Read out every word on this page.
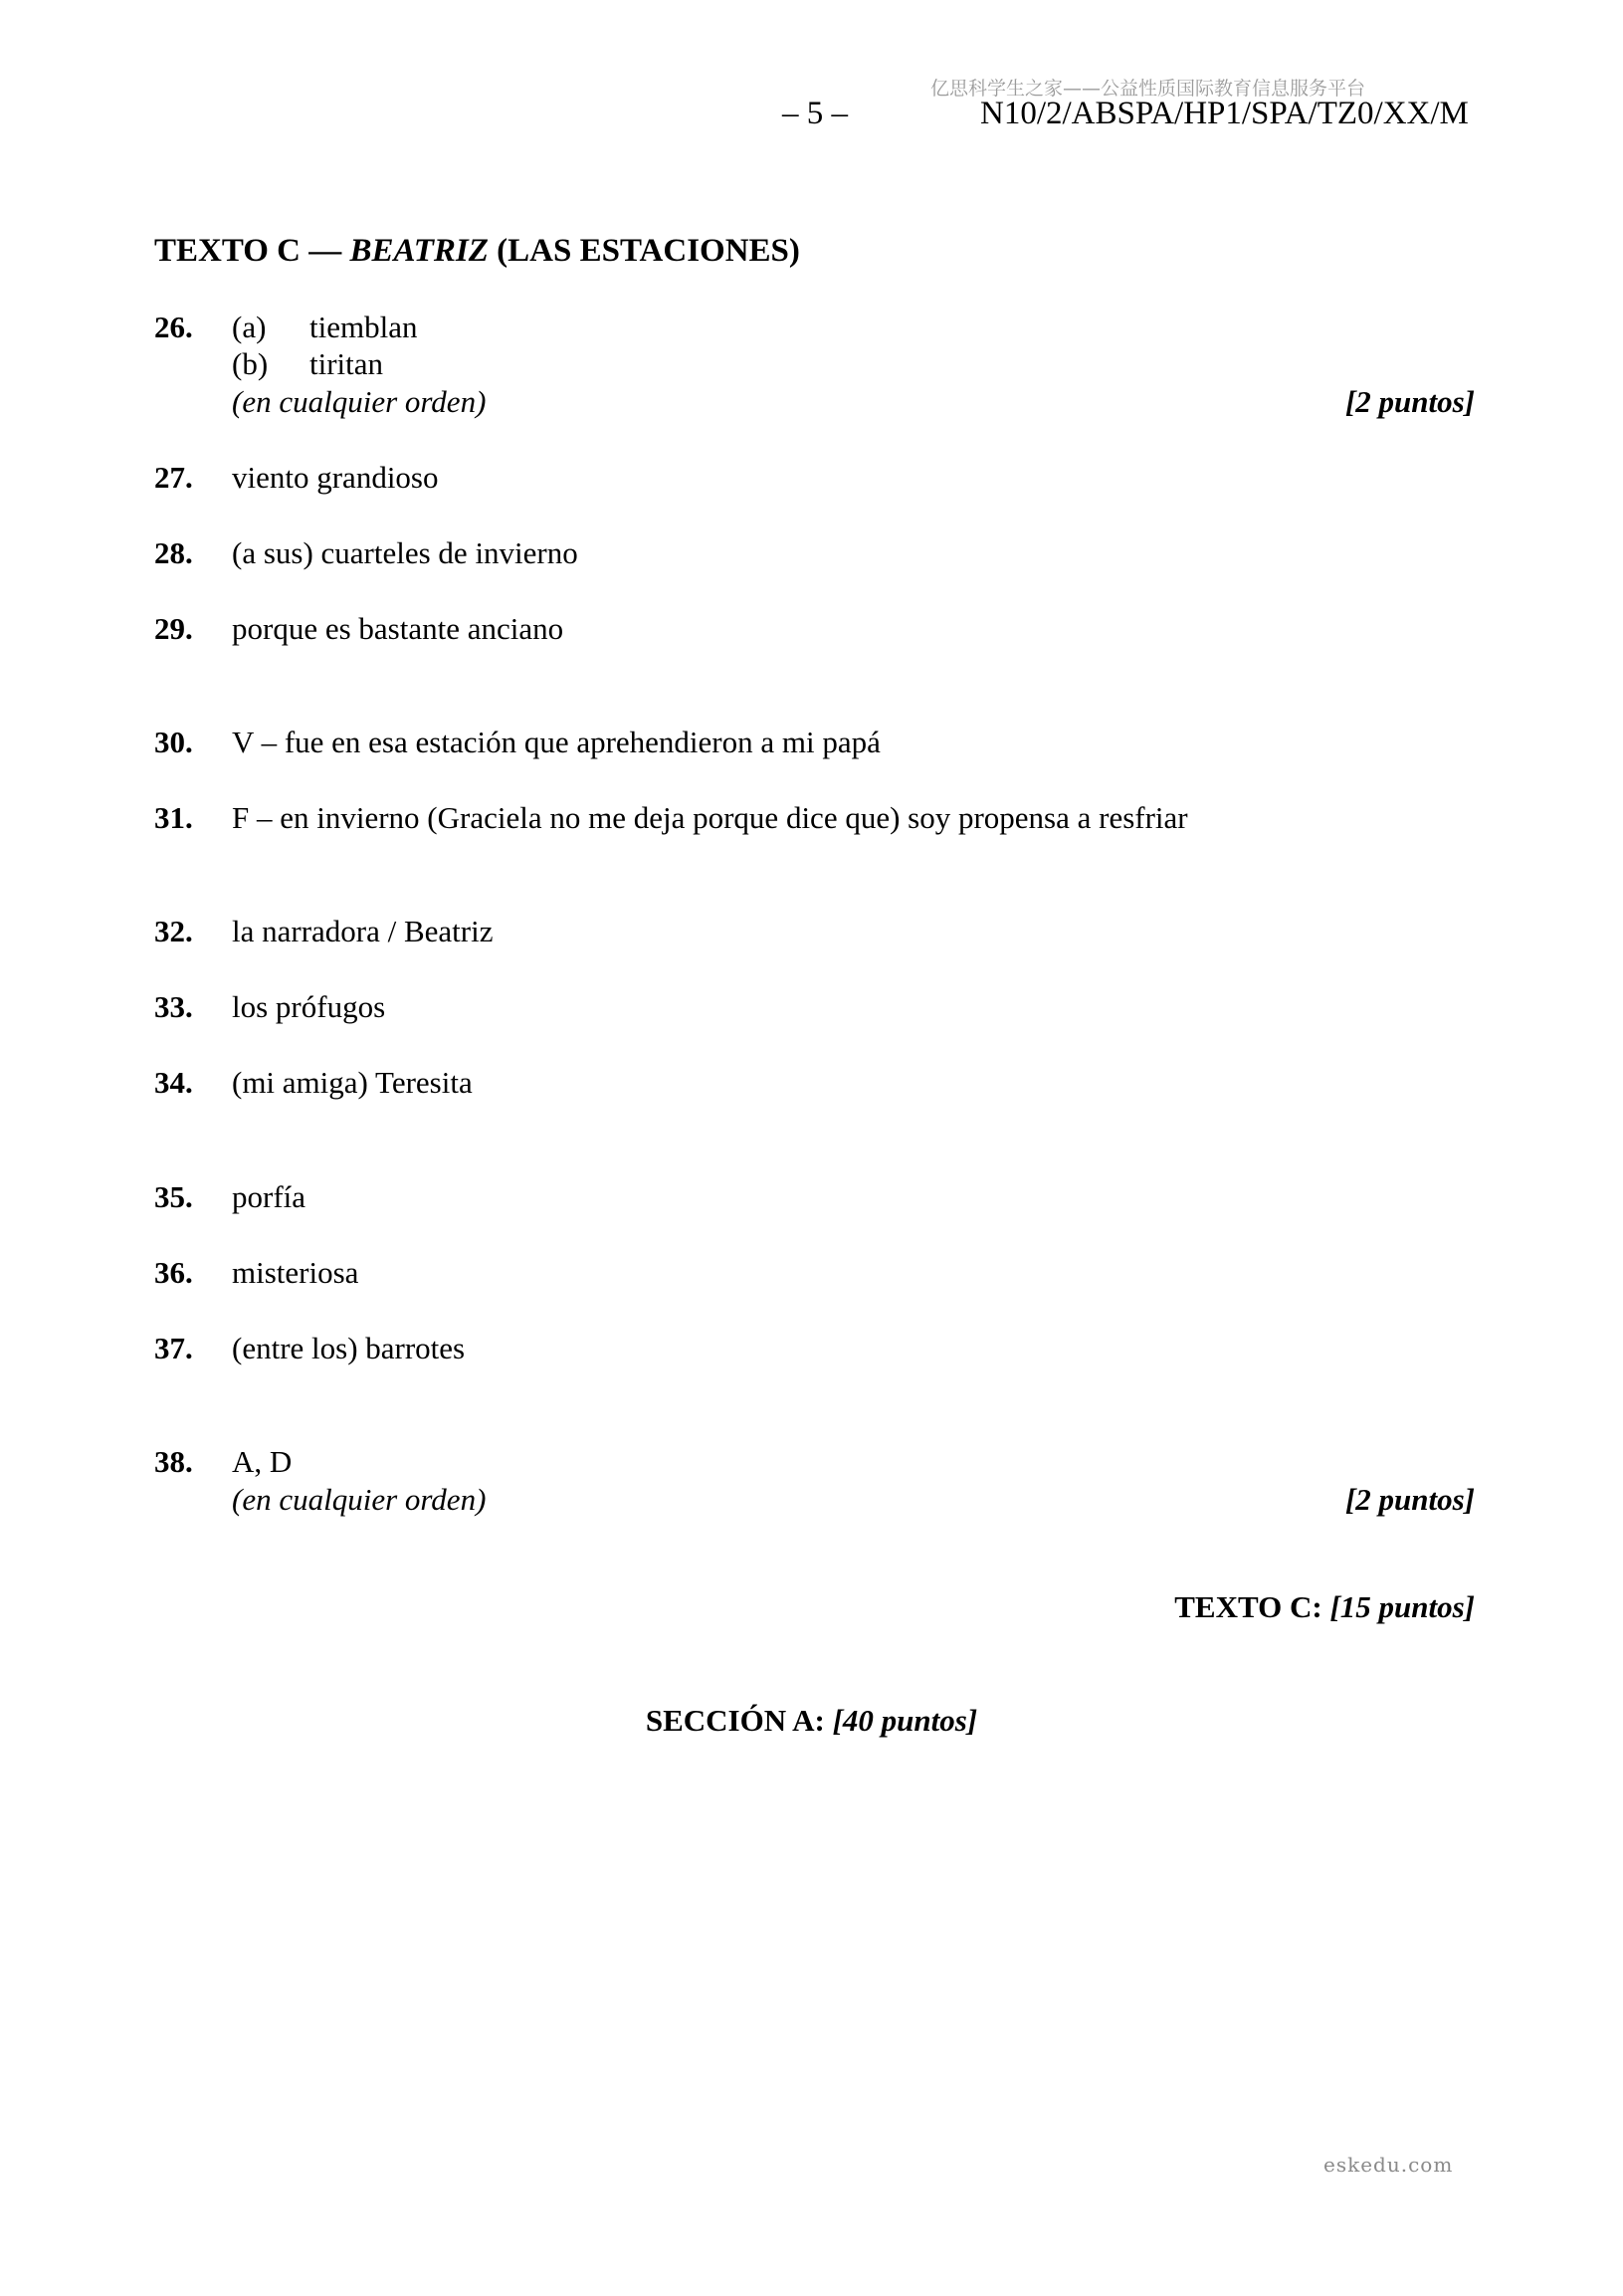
亿思科学生之家——公益性质国际教育信息服务平台
– 5 –	N10/2/ABSPA/HP1/SPA/TZ0/XX/M
TEXTO C — BEATRIZ (LAS ESTACIONES)
26.	(a) tiemblan
(b) tiritan
(en cualquier orden)	[2 puntos]
27. viento grandioso
28. (a sus) cuarteles de invierno
29. porque es bastante anciano
30. V – fue en esa estación que aprehendieron a mi papá
31. F – en invierno (Graciela no me deja porque dice que) soy propensa a resfriar
32. la narradora / Beatriz
33. los prófugos
34. (mi amiga) Teresita
35. porfía
36. misteriosa
37. (entre los) barrotes
38. A, D
(en cualquier orden)	[2 puntos]
TEXTO C: [15 puntos]
SECCIÓN A: [40 puntos]
eskedu.com
